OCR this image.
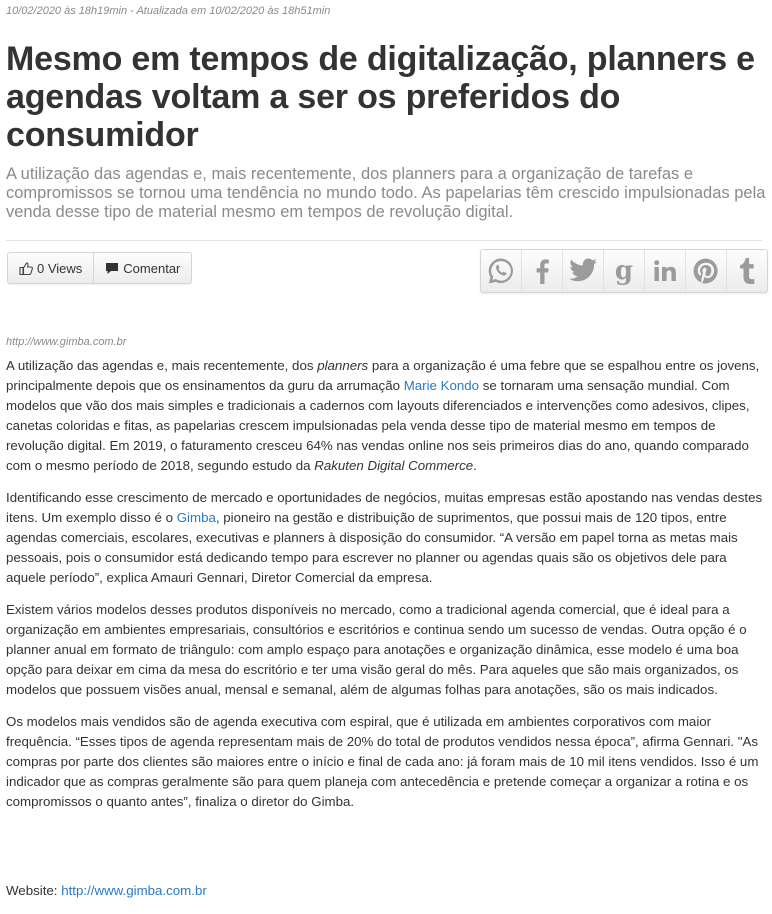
10/02/2020 às 18h19min - Atualizada em 10/02/2020 às 18h51min
Mesmo em tempos de digitalização, planners e agendas voltam a ser os preferidos do consumidor

A utilização das agendas e, mais recentemente, dos planners para a organização de tarefas e compromissos se tornou uma tendência no mundo todo. As papelarias têm crescido impulsionadas pela venda desse tipo de material mesmo em tempos de revolução digital.

0 Views	Comentar	g
http://www.gimba.com.br

A utilização das agendas e, mais recentemente, dos planners para a organização é uma febre que se espalhou entre os jovens, principalmente depois que os ensinamentos da guru da arrumação Marie Kondo se tornaram uma sensação mundial. Com modelos que vão dos mais simples e tradicionais a cadernos com layouts diferenciados e intervenções como adesivos, clipes, canetas coloridas e fitas, as papelarias crescem impulsionadas pela venda desse tipo de material mesmo em tempos de revolução digital. Em 2019, o faturamento cresceu 64% nas vendas online nos seis primeiros dias do ano, quando comparado com o mesmo período de 2018, segundo estudo da Rakuten Digital Commerce.

Identificando esse crescimento de mercado e oportunidades de negócios, muitas empresas estão apostando nas vendas destes itens. Um exemplo disso é o Gimba, pioneiro na gestão e distribuição de suprimentos, que possui mais de 120 tipos, entre agendas comerciais, escolares, executivas e planners à disposição do consumidor. “A versão em papel torna as metas mais pessoais, pois o consumidor está dedicando tempo para escrever no planner ou agendas quais são os objetivos dele para aquele período”, explica Amauri Gennari, Diretor Comercial da empresa.

Existem vários modelos desses produtos disponíveis no mercado, como a tradicional agenda comercial, que é ideal para a organização em ambientes empresariais, consultórios e escritórios e continua sendo um sucesso de vendas. Outra opção é o planner anual em formato de triângulo: com amplo espaço para anotações e organização dinâmica, esse modelo é uma boa opção para deixar em cima da mesa do escritório e ter uma visão geral do mês. Para aqueles que são mais organizados, os modelos que possuem visões anual, mensal e semanal, além de algumas folhas para anotações, são os mais indicados.

Os modelos mais vendidos são de agenda executiva com espiral, que é utilizada em ambientes corporativos com maior frequência. “Esses tipos de agenda representam mais de 20% do total de produtos vendidos nessa época”, afirma Gennari. "As compras por parte dos clientes são maiores entre o início e final de cada ano: já foram mais de 10 mil itens vendidos. Isso é um indicador que as compras geralmente são para quem planeja com antecedência e pretende começar a organizar a rotina e os compromissos o quanto antes”, finaliza o diretor do Gimba.

Website: http://www.gimba.com.br
